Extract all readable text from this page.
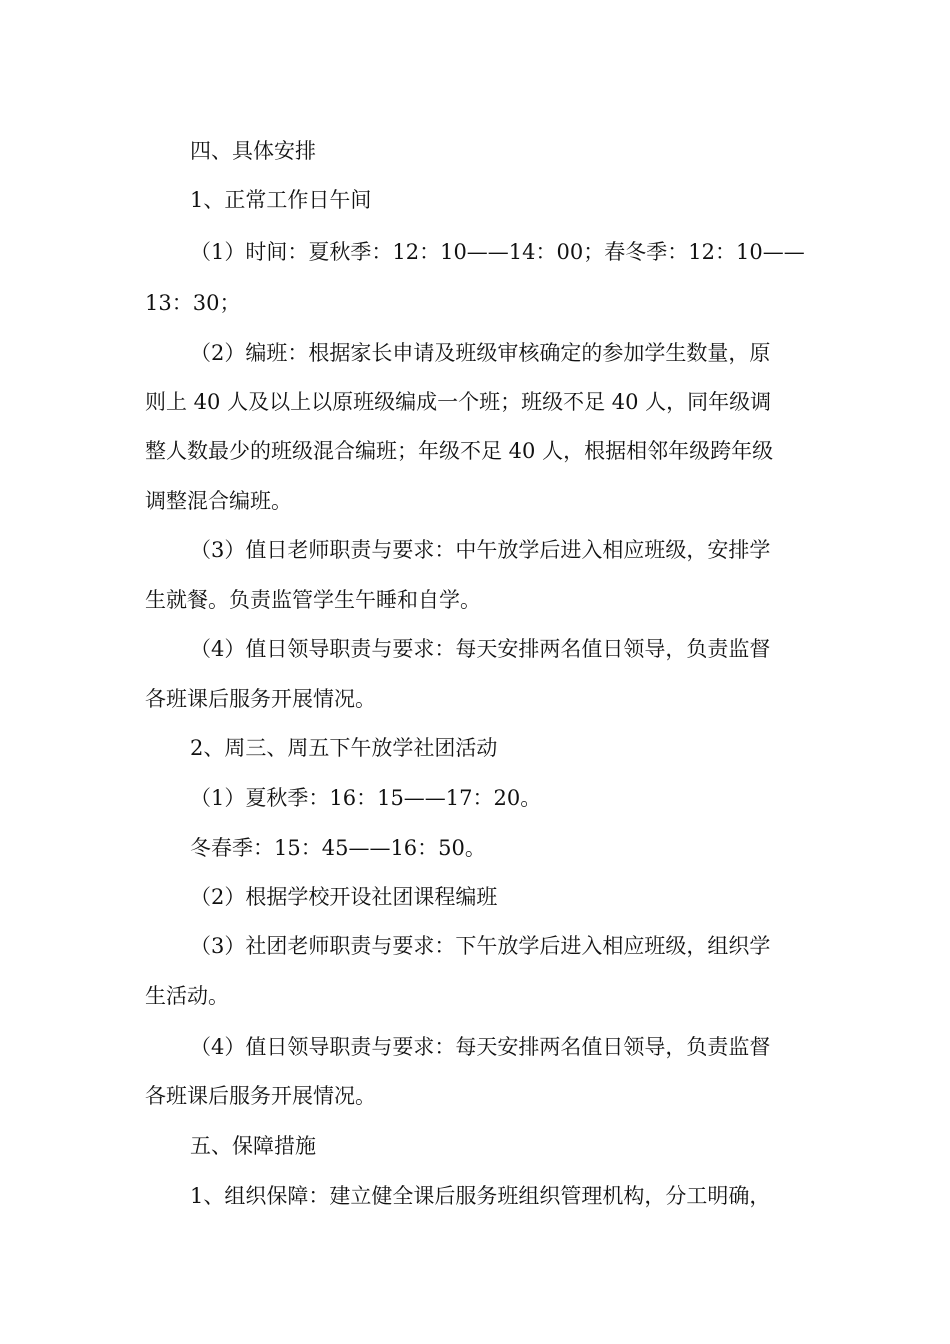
四、具体安排
1、正常工作日午间
（1）时间：夏秋季：12：10——14：00；春冬季：12：10——
13：30；
（2）编班：根据家长申请及班级审核确定的参加学生数量，原
则上 40 人及以上以原班级编成一个班；班级不足 40 人，同年级调
整人数最少的班级混合编班；年级不足 40 人，根据相邻年级跨年级
调整混合编班。
（3）值日老师职责与要求：中午放学后进入相应班级，安排学
生就餐。负责监管学生午睡和自学。
（4）值日领导职责与要求：每天安排两名值日领导，负责监督
各班课后服务开展情况。
2、周三、周五下午放学社团活动
（1）夏秋季：16：15——17：20。
冬春季：15：45——16：50。
（2）根据学校开设社团课程编班
（3）社团老师职责与要求：下午放学后进入相应班级，组织学
生活动。
（4）值日领导职责与要求：每天安排两名值日领导，负责监督
各班课后服务开展情况。
五、保障措施
1、组织保障：建立健全课后服务班组织管理机构，分工明确，
